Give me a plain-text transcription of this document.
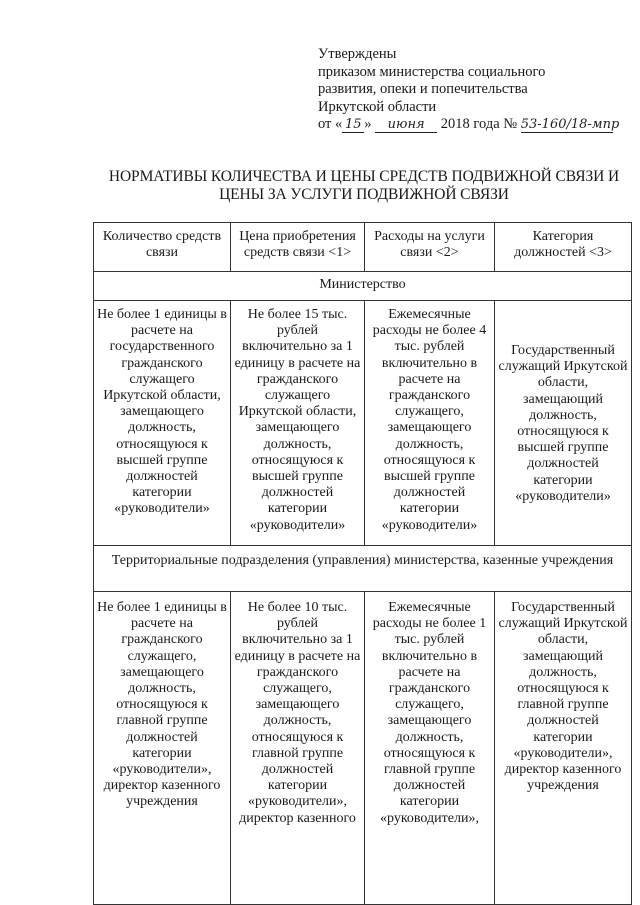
Утверждены
приказом министерства социального
развития, опеки и попечительства
Иркутской области
от « 15 » июня 2018 года № 53-160/18-мпр
НОРМАТИВЫ КОЛИЧЕСТВА И ЦЕНЫ СРЕДСТВ ПОДВИЖНОЙ СВЯЗИ И ЦЕНЫ ЗА УСЛУГИ ПОДВИЖНОЙ СВЯЗИ
Количество средств связи	Цена приобретения средств связи <1>	Расходы на услуги связи <2>	Категория должностей <3>
Министерство			
Не более 1 единицы в расчете на государственного гражданского служащего Иркутской области, замещающего должность, относящуюся к высшей группе должностей категории «руководители»	Не более 15 тыс. рублей включительно за 1 единицу в расчете на гражданского служащего Иркутской области, замещающего должность, относящуюся к высшей группе должностей категории «руководители»	Ежемесячные расходы не более 4 тыс. рублей включительно в расчете на гражданского служащего, замещающего должность, относящуюся к высшей группе должностей категории «руководители»	Государственный служащий Иркутской области, замещающий должность, относящуюся к высшей группе должностей категории «руководители»
Территориальные подразделения (управления) министерства, казенные учреждения			
Не более 1 единицы в расчете на гражданского служащего, замещающего должность, относящуюся к главной группе должностей категории «руководители», директор казенного учреждения	Не более 10 тыс. рублей включительно за 1 единицу в расчете на гражданского служащего, замещающего должность, относящуюся к главной группе должностей категории «руководители», директор казенного	Ежемесячные расходы не более 1 тыс. рублей включительно в расчете на гражданского служащего, замещающего должность, относящуюся к главной группе должностей категории «руководители»,	Государственный служащий Иркутской области, замещающий должность, относящуюся к главной группе должностей категории «руководители», директор казенного учреждения
